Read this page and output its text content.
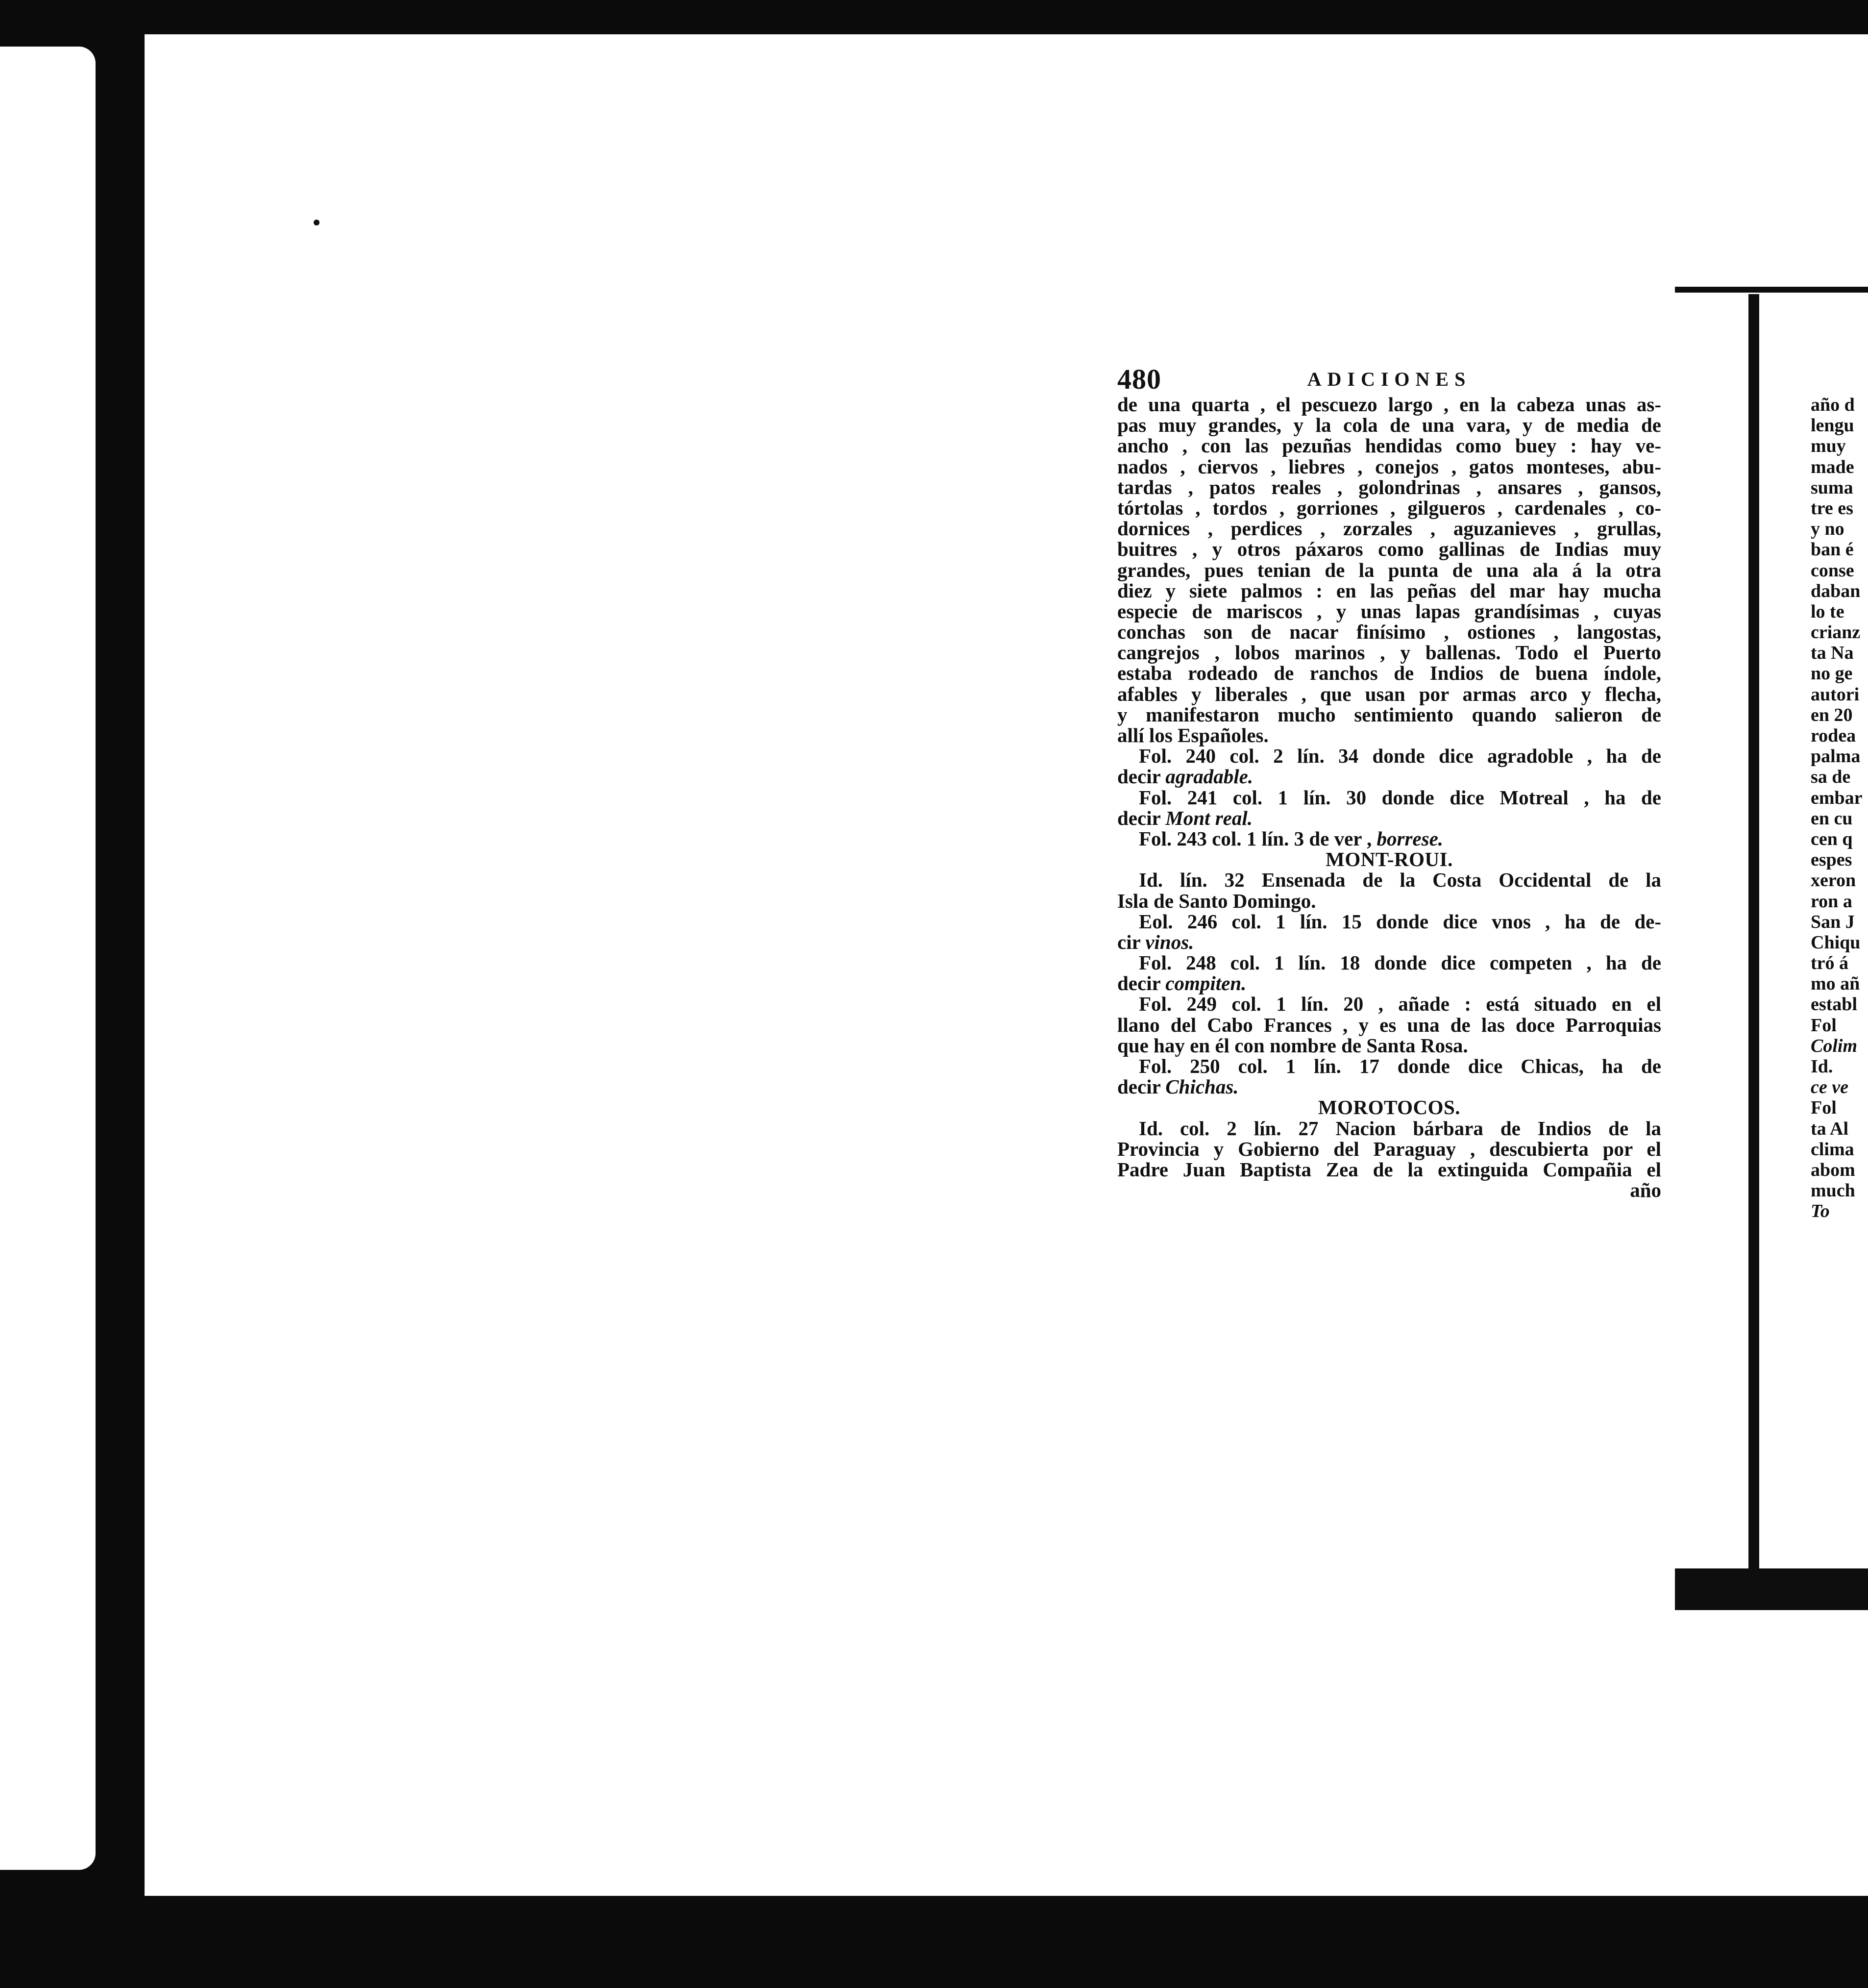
año d
lengu
muy
made
suma
tre es
y no
ban é
conse
daban
lo te
crianz
ta Na
no ge
autori
en 20
rodea
palma
sa de
embar
en cu
cen q
espes
xeron
ron a
San J
Chiqu
tró á
mo añ
establ
Fol
Colim
Id.
ce ve
Fol
ta Al
clima
abom
much
To
480	ADICIONES
de una quarta , el pescuezo largo , en la cabeza unas as-
pas muy grandes, y la cola de una vara, y de media de
ancho , con las pezuñas hendidas como buey : hay ve-
nados , ciervos , liebres , conejos , gatos monteses, abu-
tardas , patos reales , golondrinas , ansares , gansos,
tórtolas , tordos , gorriones , gilgueros , cardenales , co-
dornices , perdices , zorzales , aguzanieves , grullas,
buitres , y otros páxaros como gallinas de Indias muy
grandes, pues tenian de la punta de una ala á la otra
diez y siete palmos : en las peñas del mar hay mucha
especie de mariscos , y unas lapas grandísimas , cuyas
conchas son de nacar finísimo , ostiones , langostas,
cangrejos , lobos marinos , y ballenas. Todo el Puerto
estaba rodeado de ranchos de Indios de buena índole,
afables y liberales , que usan por armas arco y flecha,
y manifestaron mucho sentimiento quando salieron de
allí los Españoles.
Fol. 240 col. 2 lín. 34 donde dice agradoble , ha de
decir agradable.
Fol. 241 col. 1 lín. 30 donde dice Motreal , ha de
decir Mont real.
Fol. 243 col. 1 lín. 3 de ver , borrese.
MONT-ROUI.
Id. lín. 32 Ensenada de la Costa Occidental de la
Isla de Santo Domingo.
Eol. 246 col. 1 lín. 15 donde dice vnos , ha de de-
cir vinos.
Fol. 248 col. 1 lín. 18 donde dice competen , ha de
decir compiten.
Fol. 249 col. 1 lín. 20 , añade : está situado en el
llano del Cabo Frances , y es una de las doce Parroquias
que hay en él con nombre de Santa Rosa.
Fol. 250 col. 1 lín. 17 donde dice Chicas, ha de
decir Chichas.
MOROTOCOS.
Id. col. 2 lín. 27 Nacion bárbara de Indios de la
Provincia y Gobierno del Paraguay , descubierta por el
Padre Juan Baptista Zea de la extinguida Compañia el
año
